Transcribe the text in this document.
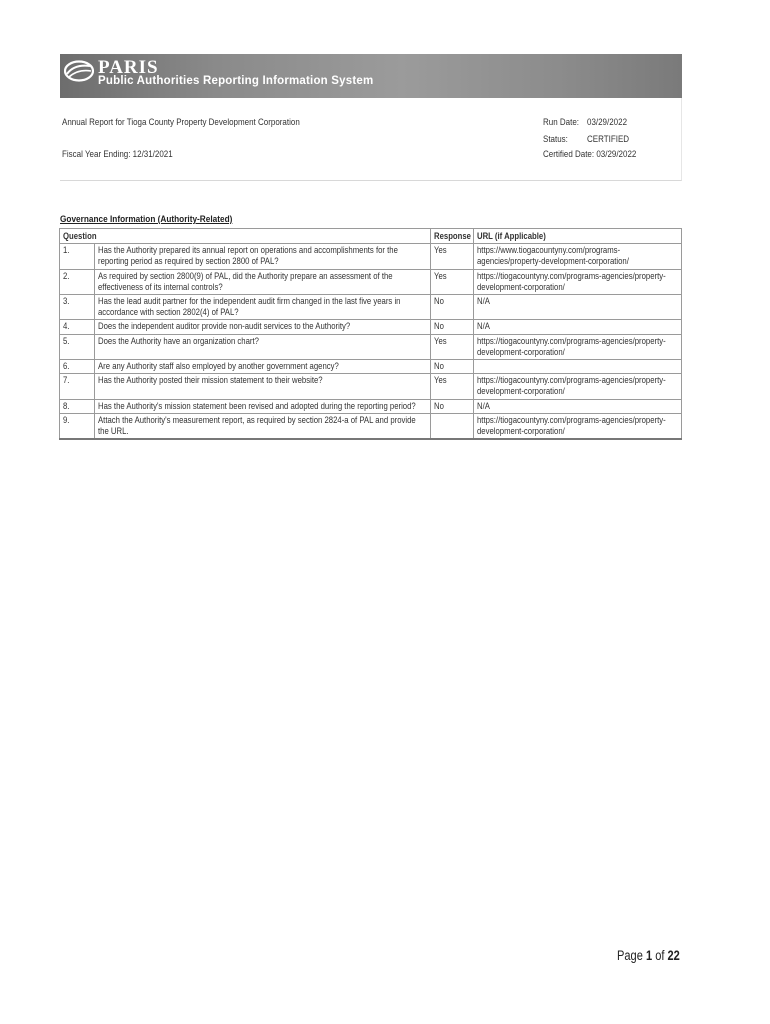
PARIS
Public Authorities Reporting Information System
Annual Report for Tioga County Property Development Corporation
Fiscal Year Ending: 12/31/2021
Run Date: 03/29/2022
Status: CERTIFIED
Certified Date: 03/29/2022
Governance Information (Authority-Related)
Question		Response	URL (if Applicable)
1.	Has the Authority prepared its annual report on operations and accomplishments for the reporting period as required by section 2800 of PAL?	Yes	https://www.tiogacountyny.com/programs-agencies/property-development-corporation/
2.	As required by section 2800(9) of PAL, did the Authority prepare an assessment of the effectiveness of its internal controls?	Yes	https://tiogacountyny.com/programs-agencies/property-development-corporation/
3.	Has the lead audit partner for the independent audit firm changed in the last five years in accordance with section 2802(4) of PAL?	No	N/A
4.	Does the independent auditor provide non-audit services to the Authority?	No	N/A
5.	Does the Authority have an organization chart?	Yes	https://tiogacountyny.com/programs-agencies/property-development-corporation/
6.	Are any Authority staff also employed by another government agency?	No	
7.	Has the Authority posted their mission statement to their website?	Yes	https://tiogacountyny.com/programs-agencies/property-development-corporation/
8.	Has the Authority's mission statement been revised and adopted during the reporting period?	No	N/A
9.	Attach the Authority's measurement report, as required by section 2824-a of PAL and provide the URL.		https://tiogacountyny.com/programs-agencies/property-development-corporation/
Page 1 of 22
